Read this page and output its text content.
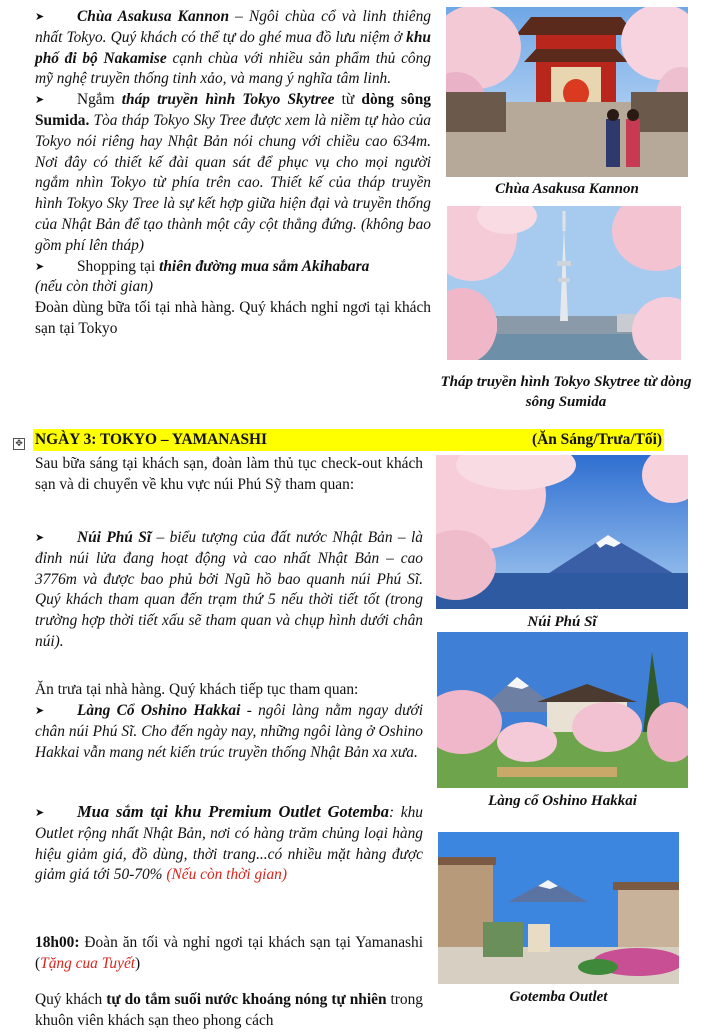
➤ Chùa Asakusa Kannon – Ngôi chùa cổ và linh thiêng nhất Tokyo. Quý khách có thể tự do ghé mua đồ lưu niệm ở khu phố đi bộ Nakamise cạnh chùa với nhiều sản phẩm thủ công mỹ nghệ truyền thống tinh xảo, và mang ý nghĩa tâm linh.

➤ Ngắm tháp truyền hình Tokyo Skytree từ dòng sông Sumida. Tòa tháp Tokyo Sky Tree được xem là niềm tự hào của Tokyo nói riêng hay Nhật Bản nói chung với chiều cao 634m. Nơi đây có thiết kế đài quan sát để phục vụ cho mọi người ngắm nhìn Tokyo từ phía trên cao. Thiết kế của tháp truyền hình Tokyo Sky Tree là sự kết hợp giữa hiện đại và truyền thống của Nhật Bản để tạo thành một cây cột thẳng đứng. (không bao gồm phí lên tháp)

➤ Shopping tại thiên đường mua sắm Akihabara
(nếu còn thời gian)

Đoàn dùng bữa tối tại nhà hàng. Quý khách nghỉ ngơi tại khách sạn tại Tokyo

Chùa Asakusa Kannon
Tháp truyền hình Tokyo Skytree từ dòng sông Sumida
✥ NGÀY 3: TOKYO – YAMANASHI	(Ăn Sáng/Trưa/Tối)
Sau bữa sáng tại khách sạn, đoàn làm thủ tục check-out khách sạn và di chuyển về khu vực núi Phú Sỹ tham quan:
➤ Núi Phú Sĩ – biểu tượng của đất nước Nhật Bản – là đỉnh núi lửa đang hoạt động và cao nhất Nhật Bản – cao 3776m và được bao phủ bởi Ngũ hồ bao quanh núi Phú Sĩ. Quý khách tham quan đến trạm thứ 5 nếu thời tiết tốt (trong trường hợp thời tiết xấu sẽ tham quan và chụp hình dưới chân núi).
Ăn trưa tại nhà hàng. Quý khách tiếp tục tham quan:
➤ Làng Cổ Oshino Hakkai - ngôi làng nằm ngay dưới chân núi Phú Sĩ. Cho đến ngày nay, những ngôi làng ở Oshino Hakkai vẫn mang nét kiến trúc truyền thống Nhật Bản xa xưa.
➤ Mua sắm tại khu Premium Outlet Gotemba: khu Outlet rộng nhất Nhật Bản, nơi có hàng trăm chủng loại hàng hiệu giảm giá, đồ dùng, thời trang...có nhiều mặt hàng được giảm giá tới 50-70% (Nếu còn thời gian)
18h00: Đoàn ăn tối và nghỉ ngơi tại khách sạn tại Yamanashi (Tặng cua Tuyết)
Quý khách tự do tắm suối nước khoáng nóng tự nhiên trong khuôn viên khách sạn theo phong cách
Núi Phú Sĩ
Làng cổ Oshino Hakkai
Gotemba Outlet
